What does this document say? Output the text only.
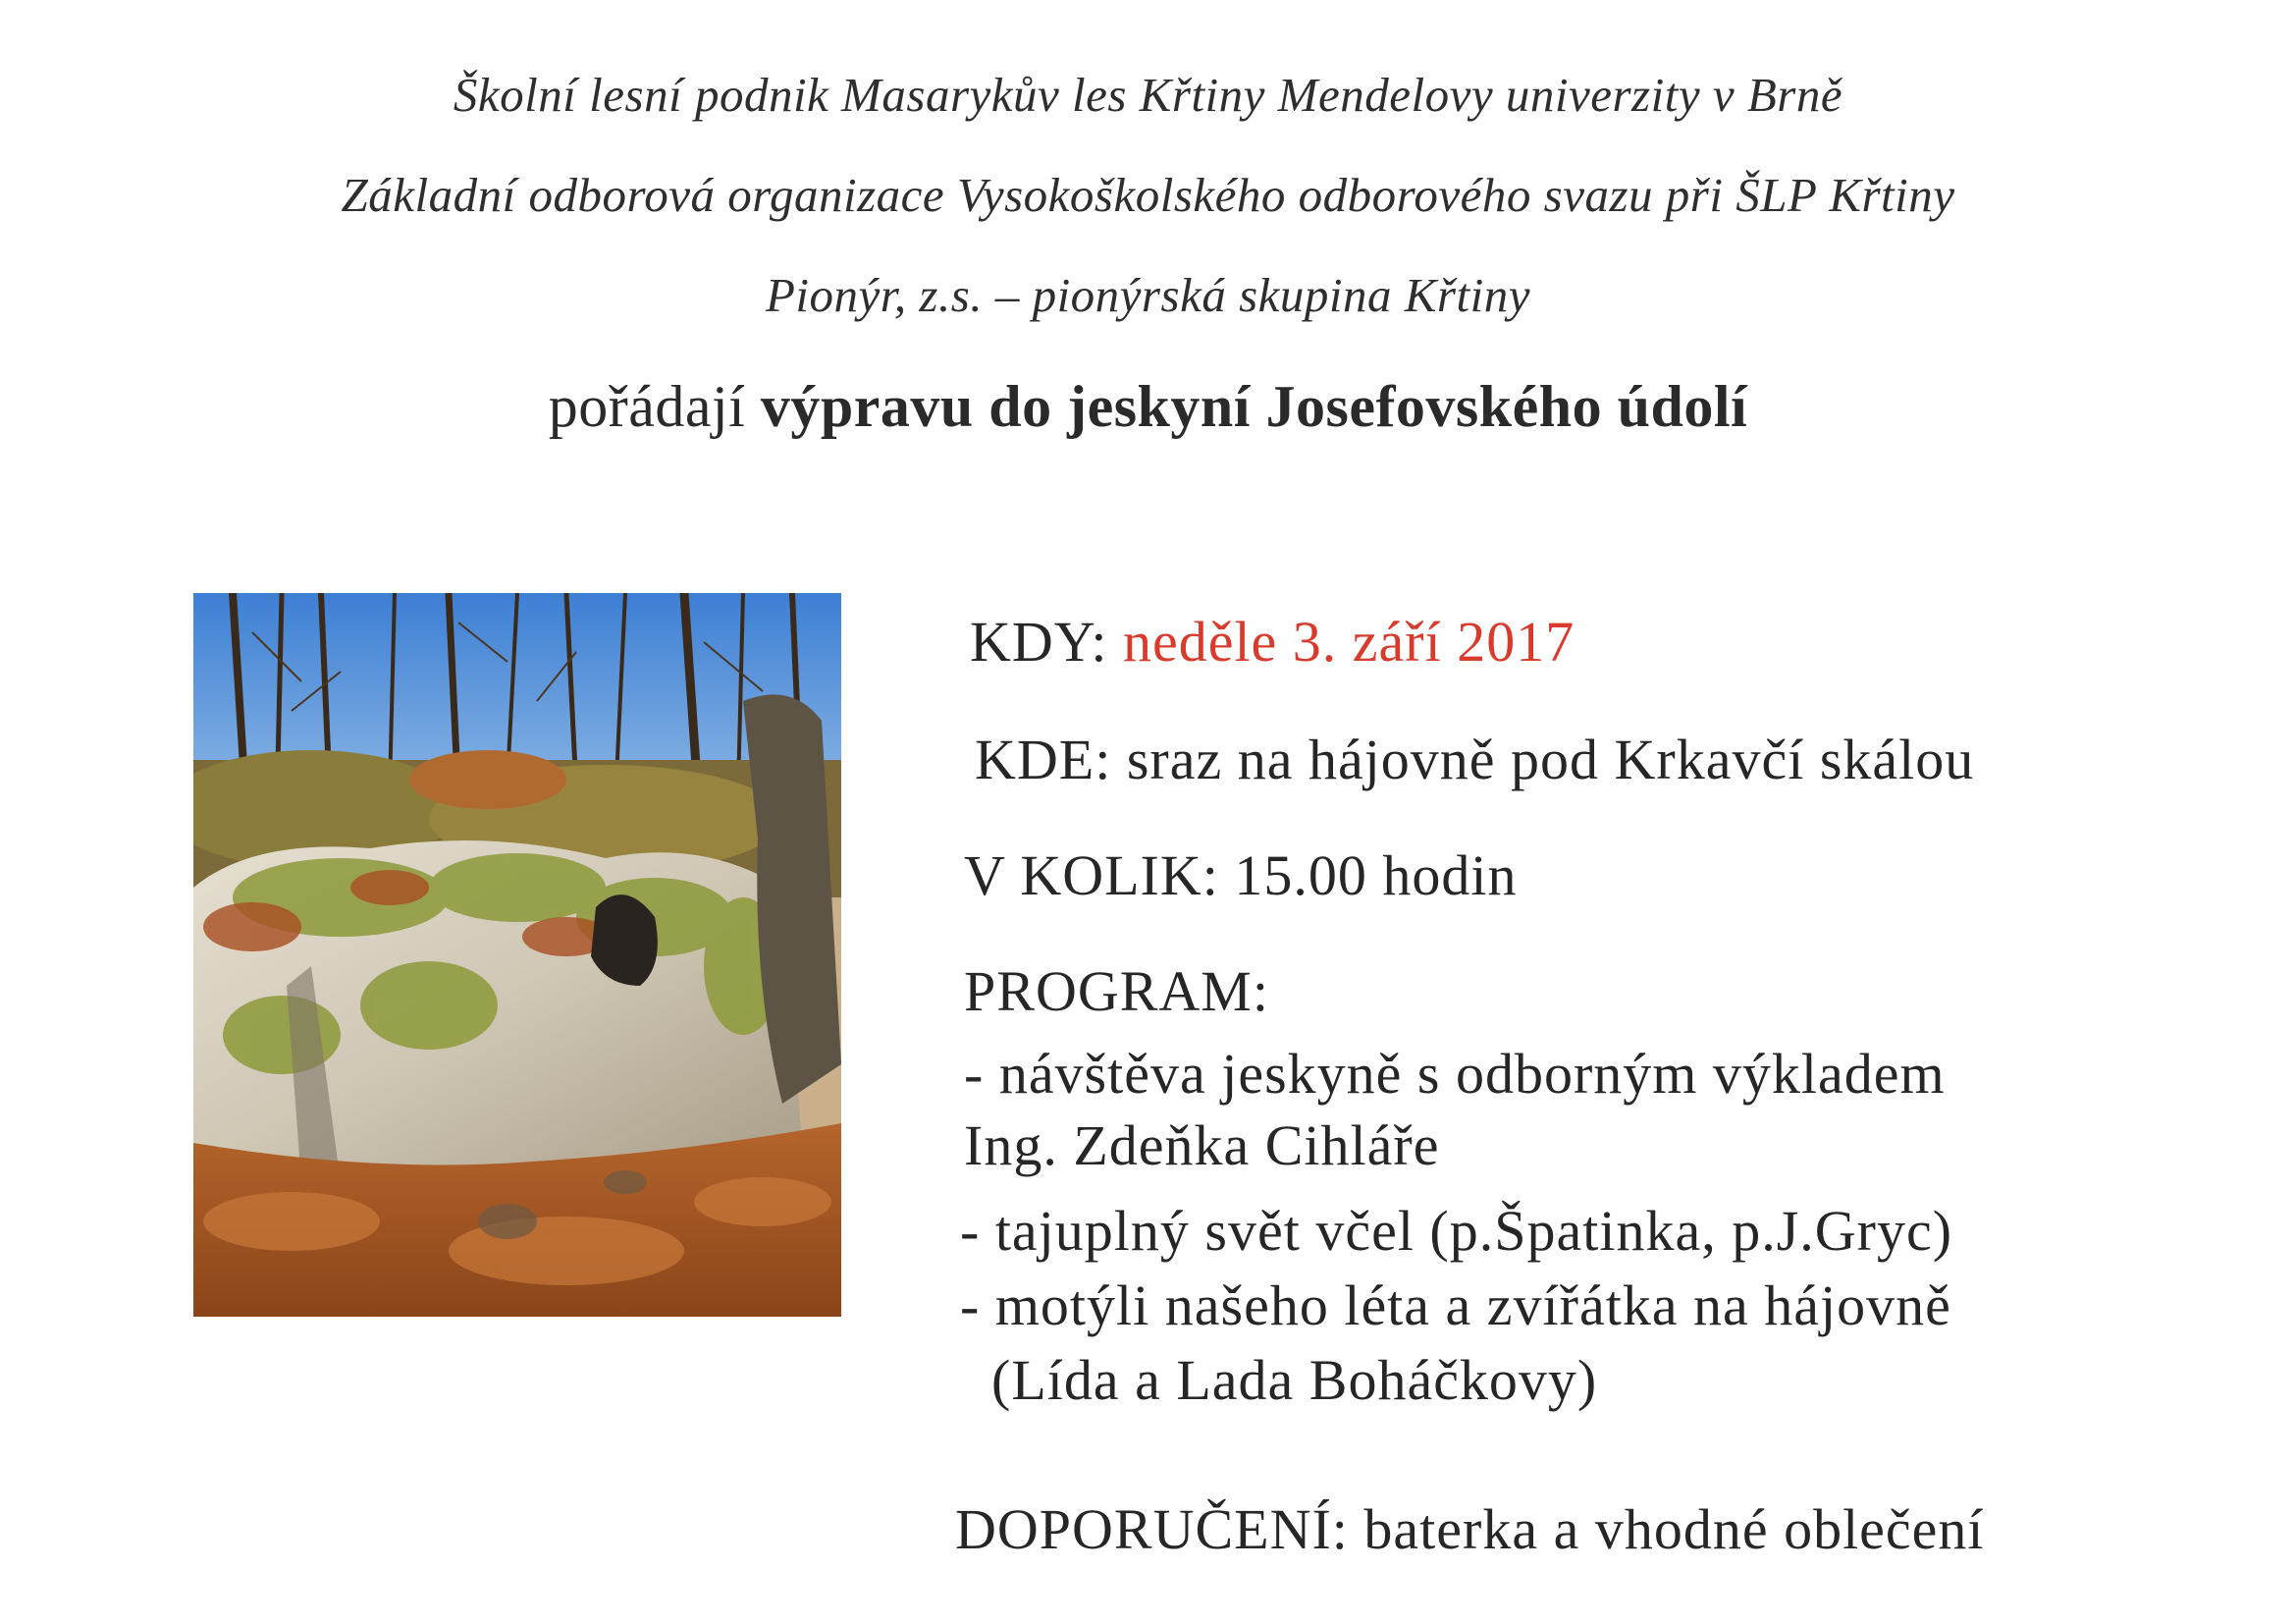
Školní lesní podnik Masarykův les Křtiny Mendelovy univerzity v Brně
Základní odborová organizace Vysokoškolského odborového svazu při ŠLP Křtiny
Pionýr, z.s. – pionýrská skupina Křtiny
pořádají výpravu do jeskyní Josefovského údolí
KDY: neděle 3. září 2017
KDE: sraz na hájovně pod Krkavčí skálou
V KOLIK: 15.00 hodin
PROGRAM:
- návštěva jeskyně s odborným výkladem
Ing. Zdeňka Cihláře
- tajuplný svět včel (p.Špatinka, p.J.Gryc)
- motýli našeho léta a zvířátka na hájovně
(Lída a Lada Boháčkovy)
DOPORUČENÍ: baterka a vhodné oblečení
